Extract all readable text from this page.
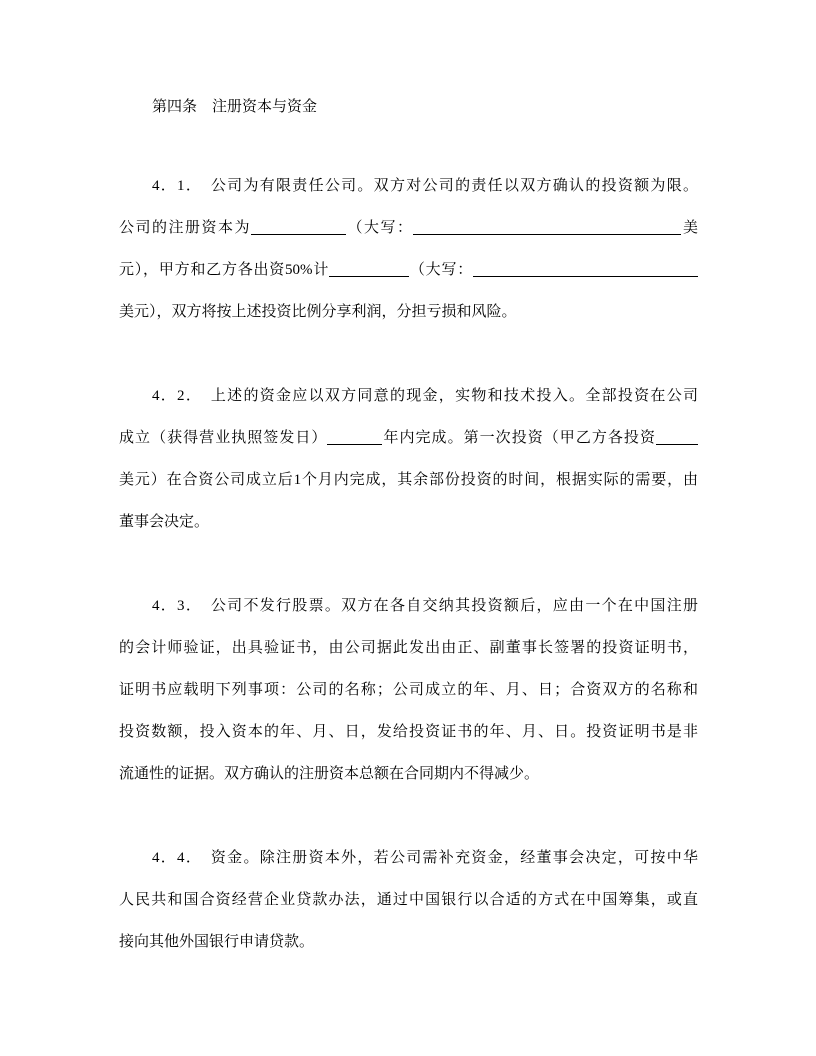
第四条　注册资本与资金
4．1．　公司为有限责任公司。双方对公司的责任以双方确认的投资额为限。
公司的注册资本为	（大写：	美
元），甲方和乙方各出资50%计	（大写：
美元），双方将按上述投资比例分享利润，分担亏损和风险。
4．2．　上述的资金应以双方同意的现金，实物和技术投入。全部投资在公司
成立（获得营业执照签发日）	年内完成。第一次投资（甲乙方各投资
美元）在合资公司成立后1个月内完成，其余部份投资的时间，根据实际的需要，由
董事会决定。
4．3．　公司不发行股票。双方在各自交纳其投资额后，应由一个在中国注册
的会计师验证，出具验证书，由公司据此发出由正、副董事长签署的投资证明书，
证明书应载明下列事项：公司的名称；公司成立的年、月、日；合资双方的名称和
投资数额，投入资本的年、月、日，发给投资证书的年、月、日。投资证明书是非
流通性的证据。双方确认的注册资本总额在合同期内不得减少。
4．4．　资金。除注册资本外，若公司需补充资金，经董事会决定，可按中华
人民共和国合资经营企业贷款办法，通过中国银行以合适的方式在中国筹集，或直
接向其他外国银行申请贷款。
